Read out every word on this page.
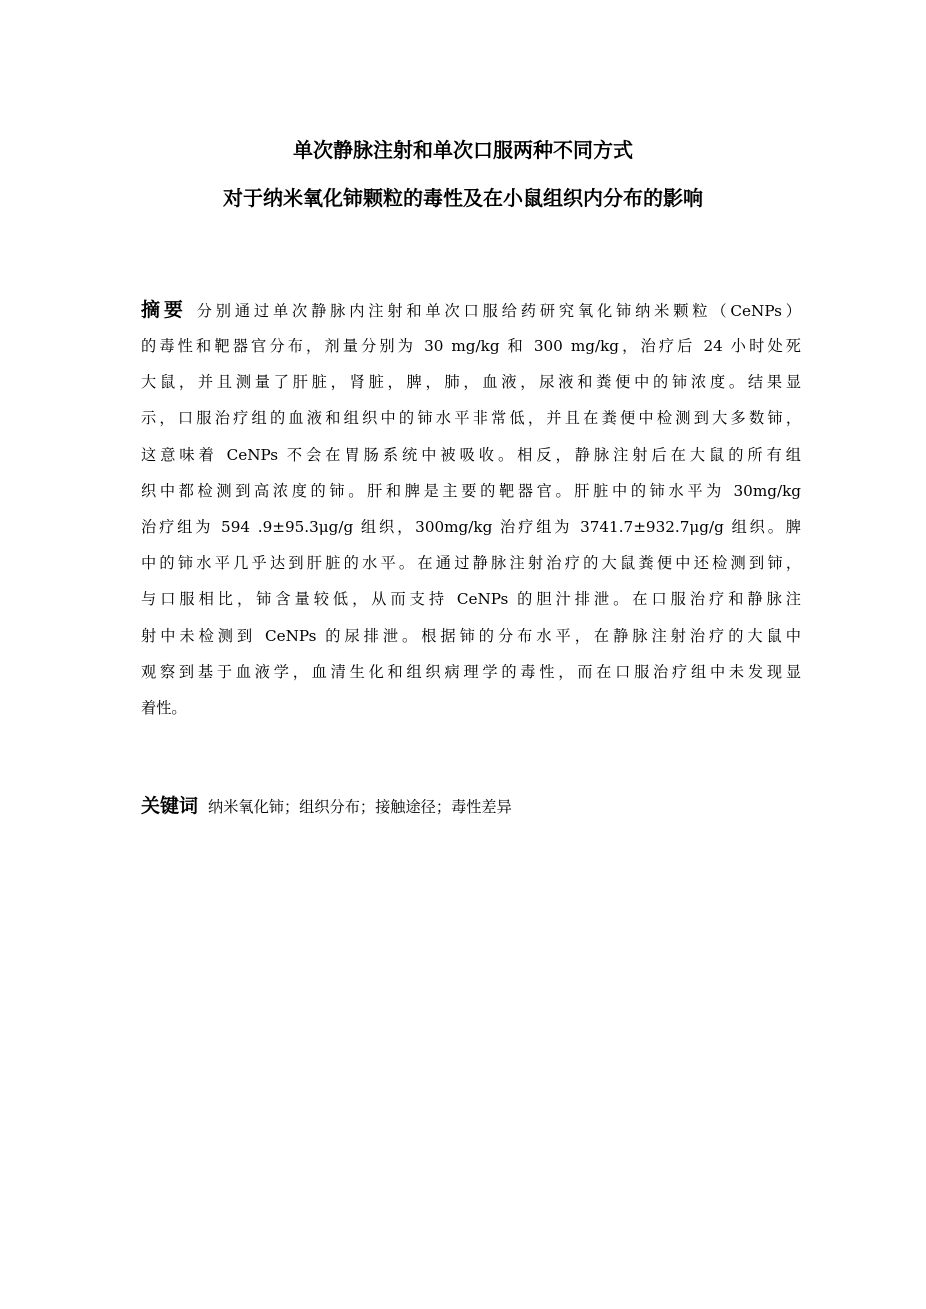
单次静脉注射和单次口服两种不同方式
对于纳米氧化铈颗粒的毒性及在小鼠组织内分布的影响
摘要 分别通过单次静脉内注射和单次口服给药研究氧化铈纳米颗粒（CeNPs）
的毒性和靶器官分布，剂量分别为 30 mg/kg 和 300 mg/kg，治疗后 24 小时处死
大鼠，并且测量了肝脏，肾脏，脾，肺，血液，尿液和粪便中的铈浓度。结果显
示，口服治疗组的血液和组织中的铈水平非常低，并且在粪便中检测到大多数铈，
这意味着 CeNPs 不会在胃肠系统中被吸收。相反，静脉注射后在大鼠的所有组
织中都检测到高浓度的铈。肝和脾是主要的靶器官。肝脏中的铈水平为 30mg/kg
治疗组为 594 .9±95.3μg/g 组织，300mg/kg 治疗组为 3741.7±932.7μg/g 组织。脾
中的铈水平几乎达到肝脏的水平。在通过静脉注射治疗的大鼠粪便中还检测到铈，
与口服相比，铈含量较低，从而支持 CeNPs 的胆汁排泄。在口服治疗和静脉注
射中未检测到 CeNPs 的尿排泄。根据铈的分布水平，在静脉注射治疗的大鼠中
观察到基于血液学，血清生化和组织病理学的毒性，而在口服治疗组中未发现显
着性。
关键词 纳米氧化铈；组织分布；接触途径；毒性差异
